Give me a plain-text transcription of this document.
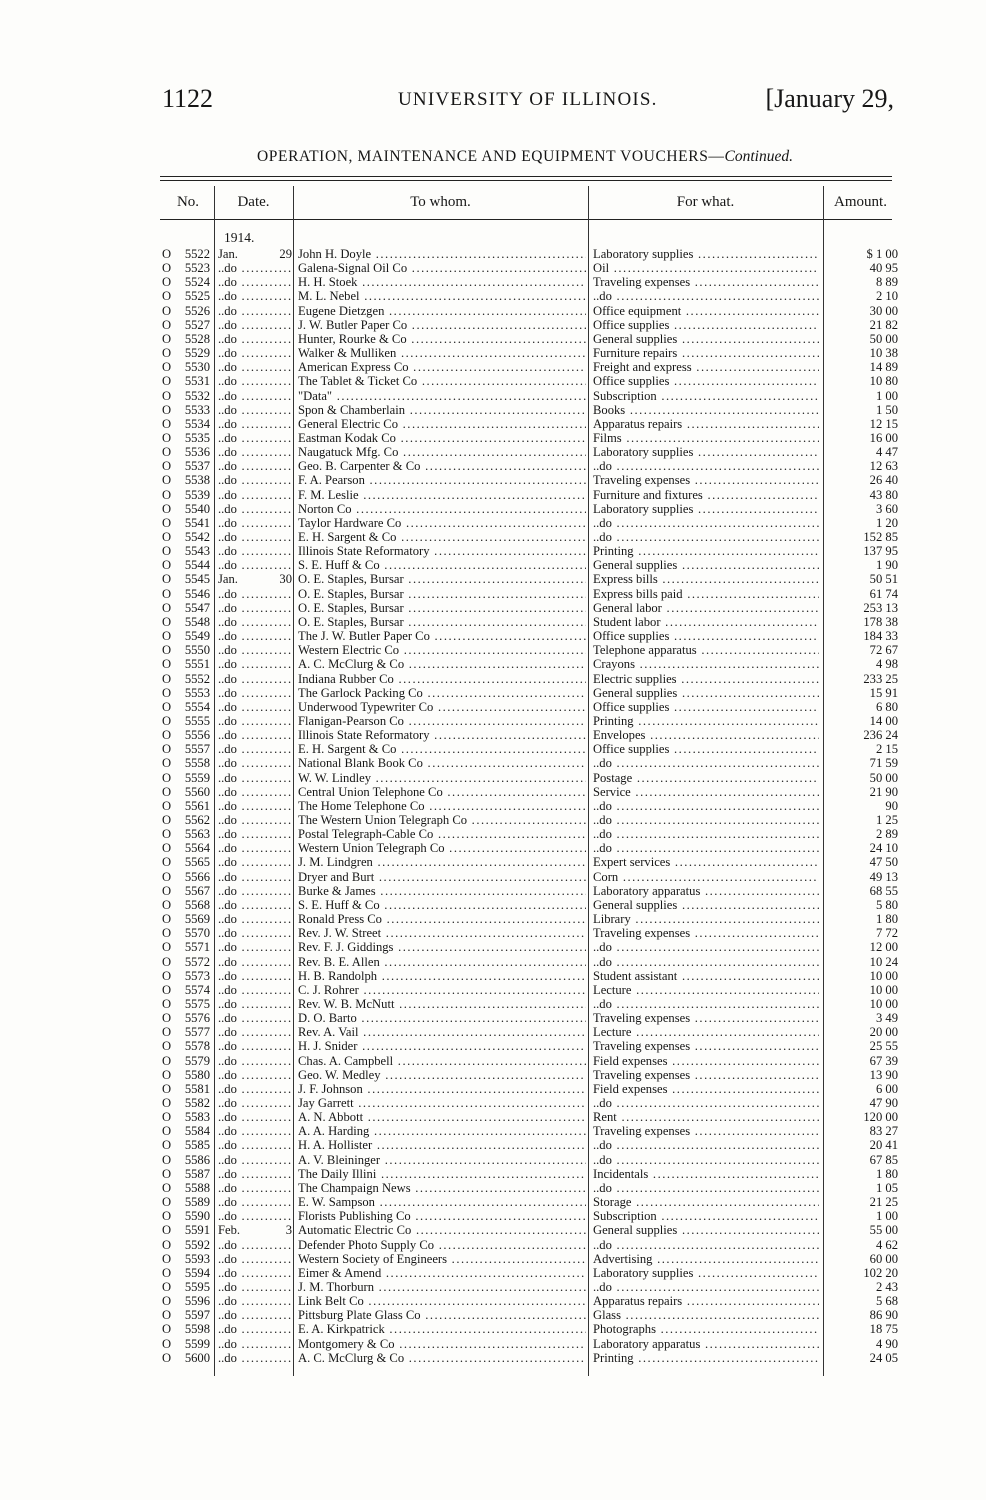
1122	UNIVERSITY OF ILLINOIS.	[January 29,
OPERATION, MAINTENANCE AND EQUIPMENT VOUCHERS—Continued.
No.	Date.	To whom.	For what.	Amount.
1914.
O	5522 Jan.	29 John H. Doyle .....	Laboratory supplies .....	$ 1 00
O	5523 ..do .....	Galena-Signal Oil Co .....	Oil .....	40 95
O	5524 ..do .....	H. H. Stoek .....	Traveling expenses .....	8 89
O	5525 ..do .....	M. L. Nebel .....	..do .....	2 10
O	5526 ..do .....	Eugene Dietzgen .....	Office equipment .....	30 00
O	5527 ..do .....	J. W. Butler Paper Co .....	Office supplies .....	21 82
O	5528 ..do .....	Hunter, Rourke & Co .....	General supplies .....	50 00
O	5529 ..do .....	Walker & Mulliken .....	Furniture repairs .....	10 38
O	5530 ..do .....	American Express Co .....	Freight and express .....	14 89
O	5531 ..do .....	The Tablet & Ticket Co .....	Office supplies .....	10 80
O	5532 ..do .....	"Data" .....	Subscription .....	1 00
O	5533 ..do .....	Spon & Chamberlain .....	Books .....	1 50
O	5534 ..do .....	General Electric Co .....	Apparatus repairs .....	12 15
O	5535 ..do .....	Eastman Kodak Co .....	Films .....	16 00
O	5536 ..do .....	Naugatuck Mfg. Co .....	Laboratory supplies .....	4 47
O	5537 ..do .....	Geo. B. Carpenter & Co .....	..do .....	12 63
O	5538 ..do .....	F. A. Pearson .....	Traveling expenses .....	26 40
O	5539 ..do .....	F. M. Leslie .....	Furniture and fixtures .....	43 80
O	5540 ..do .....	Norton Co .....	Laboratory supplies .....	3 60
O	5541 ..do .....	Taylor Hardware Co .....	..do .....	1 20
O	5542 ..do .....	E. H. Sargent & Co .....	..do .....	152 85
O	5543 ..do .....	Illinois State Reformatory .....	Printing .....	137 95
O	5544 ..do .....	S. E. Huff & Co .....	General supplies .....	1 90
O	5545 Jan.	30 O. E. Staples, Bursar .....	Express bills .....	50 51
O	5546 ..do .....	O. E. Staples, Bursar .....	Express bills paid .....	61 74
O	5547 ..do .....	O. E. Staples, Bursar .....	General labor .....	253 13
O	5548 ..do .....	O. E. Staples, Bursar .....	Student labor .....	178 38
O	5549 ..do .....	The J. W. Butler Paper Co .....	Office supplies .....	184 33
O	5550 ..do .....	Western Electric Co .....	Telephone apparatus .....	72 67
O	5551 ..do .....	A. C. McClurg & Co .....	Crayons .....	4 98
O	5552 ..do .....	Indiana Rubber Co .....	Electric supplies .....	233 25
O	5553 ..do .....	The Garlock Packing Co .....	General supplies .....	15 91
O	5554 ..do .....	Underwood Typewriter Co .....	Office supplies .....	6 80
O	5555 ..do .....	Flanigan-Pearson Co .....	Printing .....	14 00
O	5556 ..do .....	Illinois State Reformatory .....	Envelopes .....	236 24
O	5557 ..do .....	E. H. Sargent & Co .....	Office supplies .....	2 15
O	5558 ..do .....	National Blank Book Co .....	..do .....	71 59
O	5559 ..do .....	W. W. Lindley .....	Postage .....	50 00
O	5560 ..do .....	Central Union Telephone Co .....	Service .....	21 90
O	5561 ..do .....	The Home Telephone Co .....	..do .....	90
O	5562 ..do .....	The Western Union Telegraph Co .....	..do .....	1 25
O	5563 ..do .....	Postal Telegraph-Cable Co .....	..do .....	2 89
O	5564 ..do .....	Western Union Telegraph Co .....	..do .....	24 10
O	5565 ..do .....	J. M. Lindgren .....	Expert services .....	47 50
O	5566 ..do .....	Dryer and Burt .....	Corn .....	49 13
O	5567 ..do .....	Burke & James .....	Laboratory apparatus .....	68 55
O	5568 ..do .....	S. E. Huff & Co .....	General supplies .....	5 80
O	5569 ..do .....	Ronald Press Co .....	Library .....	1 80
O	5570 ..do .....	Rev. J. W. Street .....	Traveling expenses .....	7 72
O	5571 ..do .....	Rev. F. J. Giddings .....	..do .....	12 00
O	5572 ..do .....	Rev. B. E. Allen .....	..do .....	10 24
O	5573 ..do .....	H. B. Randolph .....	Student assistant .....	10 00
O	5574 ..do .....	C. J. Rohrer .....	Lecture .....	10 00
O	5575 ..do .....	Rev. W. B. McNutt .....	..do .....	10 00
O	5576 ..do .....	D. O. Barto .....	Traveling expenses .....	3 49
O	5577 ..do .....	Rev. A. Vail .....	Lecture .....	20 00
O	5578 ..do .....	H. J. Snider .....	Traveling expenses .....	25 55
O	5579 ..do .....	Chas. A. Campbell .....	Field expenses .....	67 39
O	5580 ..do .....	Geo. W. Medley .....	Traveling expenses .....	13 90
O	5581 ..do .....	J. F. Johnson .....	Field expenses .....	6 00
O	5582 ..do .....	Jay Garrett .....	..do .....	47 90
O	5583 ..do .....	A. N. Abbott .....	Rent .....	120 00
O	5584 ..do .....	A. A. Harding .....	Traveling expenses .....	83 27
O	5585 ..do .....	H. A. Hollister .....	..do .....	20 41
O	5586 ..do .....	A. V. Bleininger .....	..do .....	67 85
O	5587 ..do .....	The Daily Illini .....	Incidentals .....	1 80
O	5588 ..do .....	The Champaign News .....	..do .....	1 05
O	5589 ..do .....	E. W. Sampson .....	Storage .....	21 25
O	5590 ..do .....	Florists Publishing Co .....	Subscription .....	1 00
O	5591 Feb.	3 Automatic Electric Co .....	General supplies .....	55 00
O	5592 ..do .....	Defender Photo Supply Co .....	..do .....	4 62
O	5593 ..do .....	Western Society of Engineers .....	Advertising .....	60 00
O	5594 ..do .....	Eimer & Amend .....	Laboratory supplies .....	102 20
O	5595 ..do .....	J. M. Thorburn .....	..do .....	2 43
O	5596 ..do .....	Link Belt Co .....	Apparatus repairs .....	5 68
O	5597 ..do .....	Pittsburg Plate Glass Co .....	Glass .....	86 90
O	5598 ..do .....	E. A. Kirkpatrick .....	Photographs .....	18 75
O	5599 ..do .....	Montgomery & Co .....	Laboratory apparatus .....	4 90
O	5600 ..do .....	A. C. McClurg & Co .....	Printing .....	24 05
